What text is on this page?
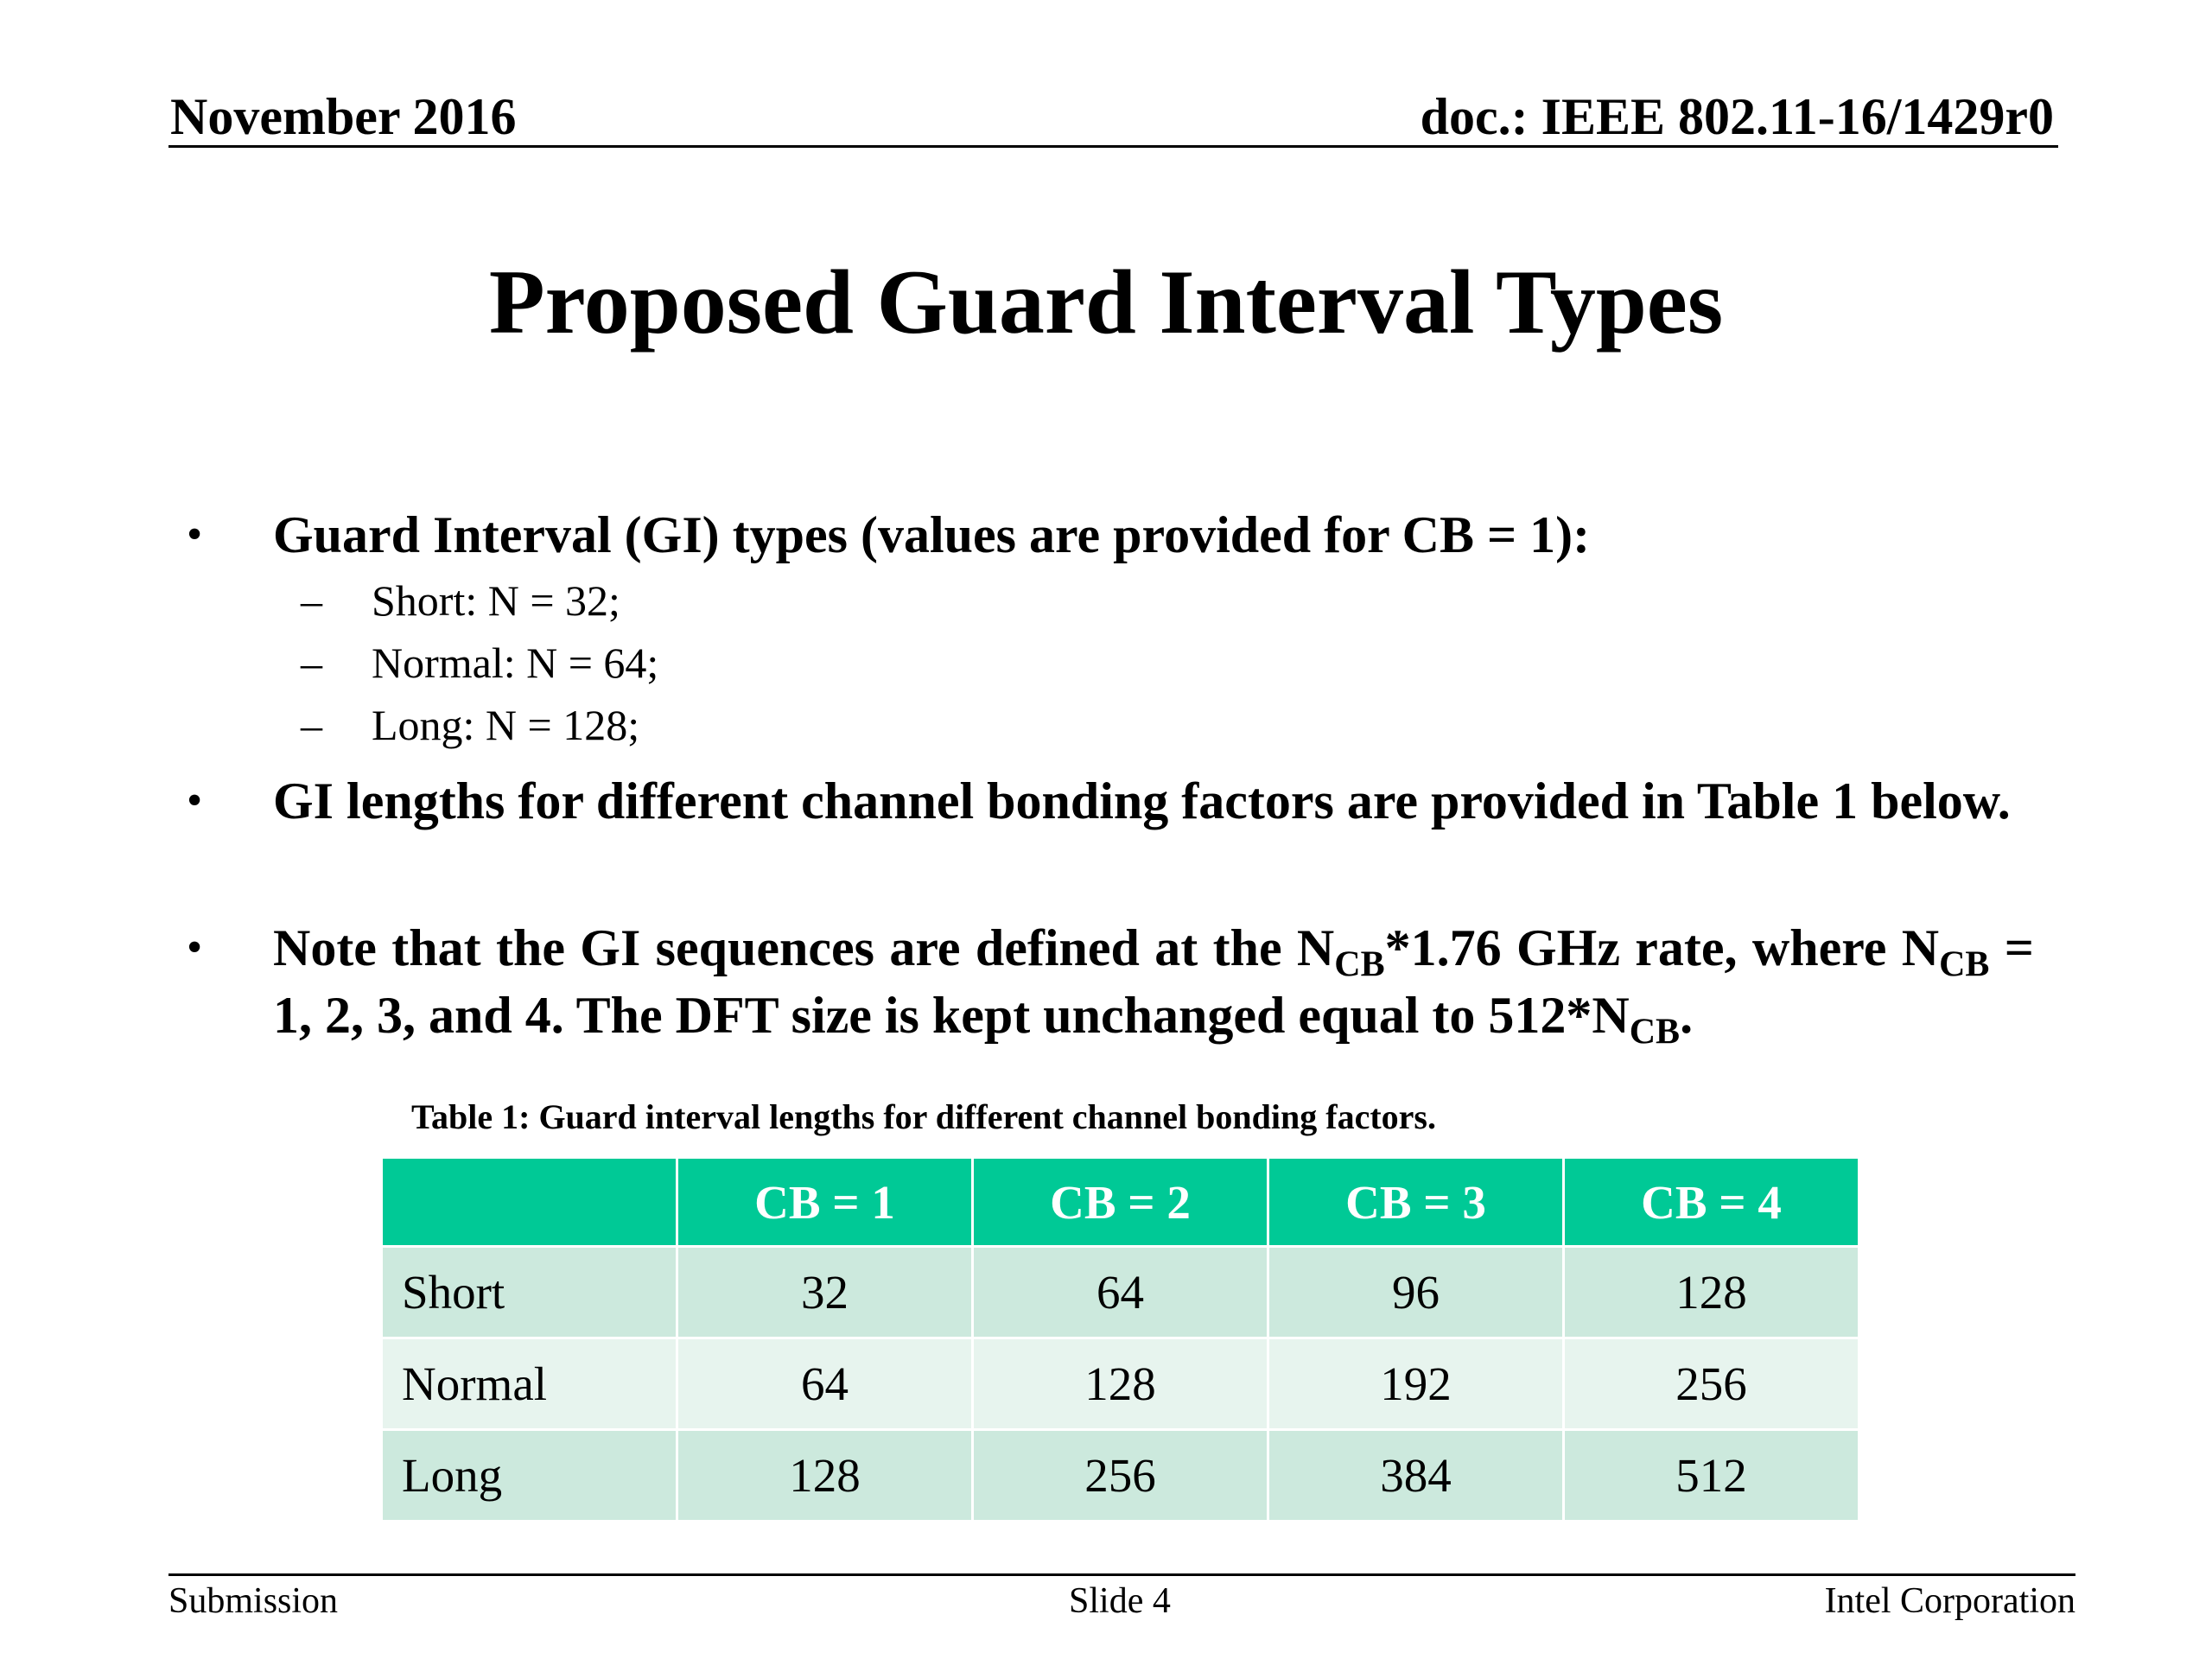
November 2016	doc.: IEEE 802.11-16/1429r0
Proposed Guard Interval Types
• Guard Interval (GI) types (values are provided for CB = 1):
– Short: N = 32;
– Normal: N = 64;
– Long: N = 128;
• GI lengths for different channel bonding factors are provided in Table 1 below.
• Note that the GI sequences are defined at the $N_{CB}*1.76$ GHz rate, where $N_{CB} = 1$, 2, 3, and 4. The DFT size is kept unchanged equal to $512*N_{CB}$.
Table 1: Guard interval lengths for different channel bonding factors.
	CB = 1	CB = 2	CB = 3	CB = 4
Short	32	64	96	128
Normal	64	128	192	256
Long	128	256	384	512
Submission	Slide 4	Intel Corporation
